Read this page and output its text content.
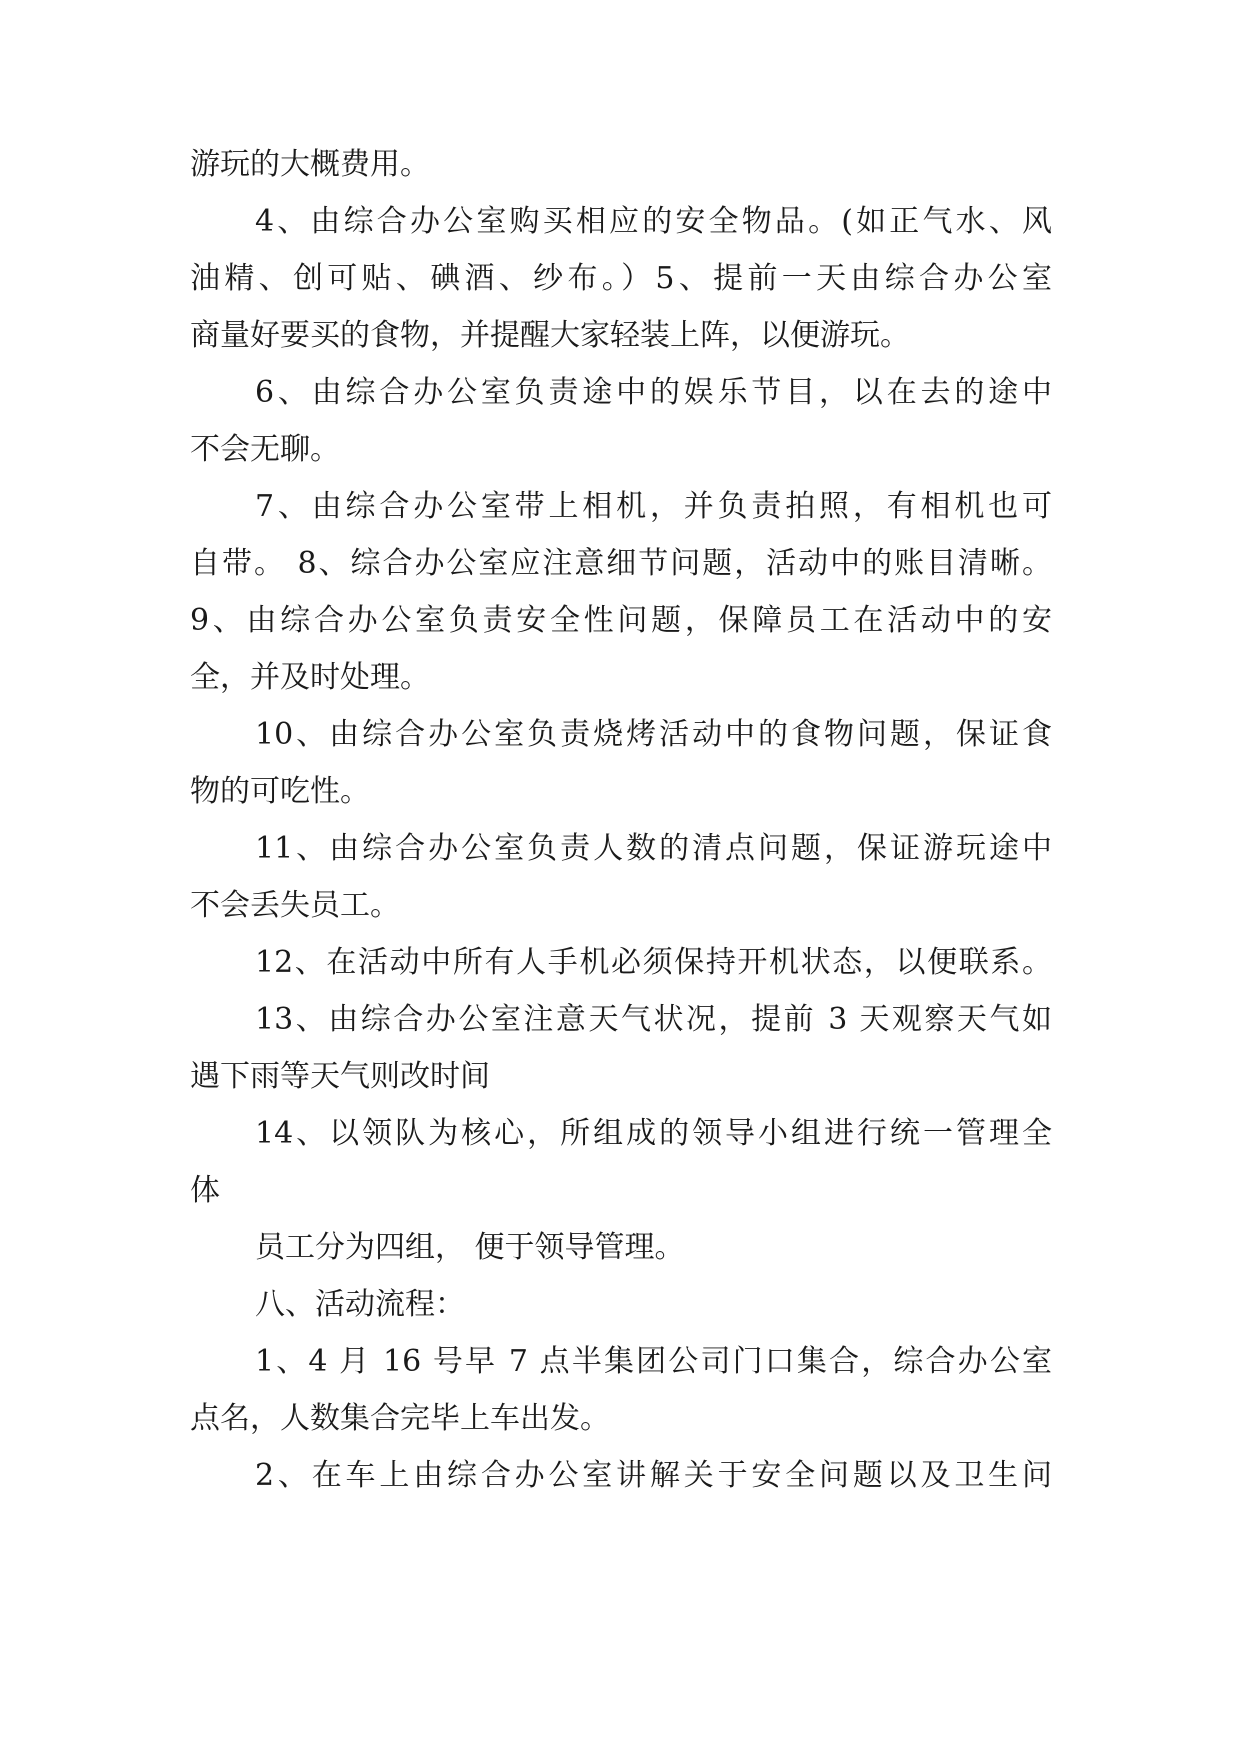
游玩的大概费用。
4、由综合办公室购买相应的安全物品。(如正气水、风
油精、创可贴、碘酒、纱布。）5、提前一天由综合办公室
商量好要买的食物，并提醒大家轻装上阵，以便游玩。
6、由综合办公室负责途中的娱乐节目，以在去的途中
不会无聊。
7、由综合办公室带上相机，并负责拍照，有相机也可
自带。 8、综合办公室应注意细节问题，活动中的账目清晰。
9、由综合办公室负责安全性问题，保障员工在活动中的安
全，并及时处理。
10、由综合办公室负责烧烤活动中的食物问题，保证食
物的可吃性。
11、由综合办公室负责人数的清点问题，保证游玩途中
不会丢失员工。
12、在活动中所有人手机必须保持开机状态，以便联系。
13、由综合办公室注意天气状况，提前 3 天观察天气如
遇下雨等天气则改时间
14、以领队为核心，所组成的领导小组进行统一管理全
体
员工分为四组， 便于领导管理。
八、活动流程：
1、4 月 16 号早 7 点半集团公司门口集合，综合办公室
点名，人数集合完毕上车出发。
2、在车上由综合办公室讲解关于安全问题以及卫生问
